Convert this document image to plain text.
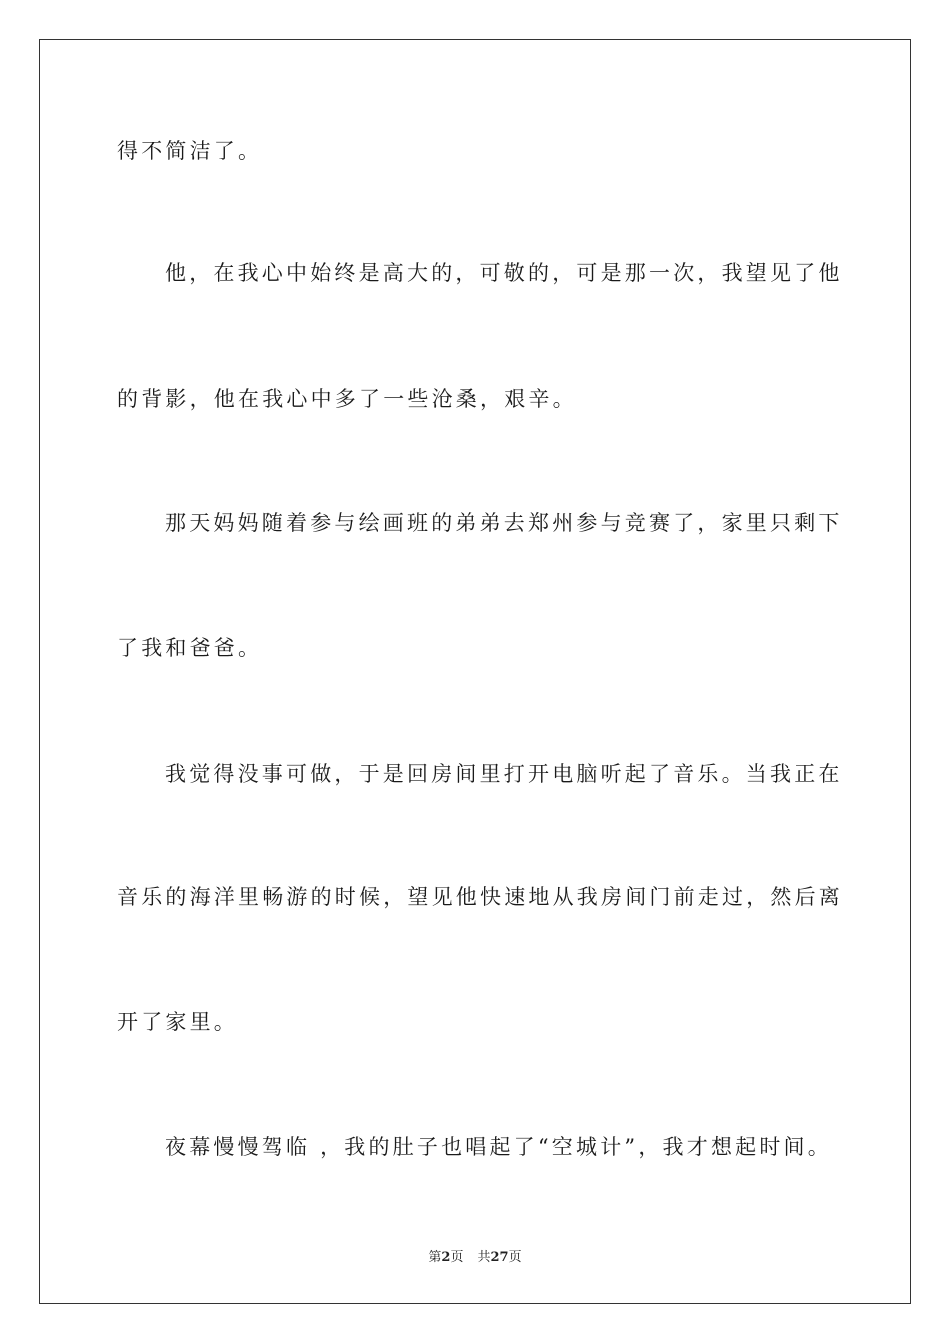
得不简洁了。
他，在我心中始终是高大的，可敬的，可是那一次，我望见了他
的背影，他在我心中多了一些沧桑，艰辛。
那天妈妈随着参与绘画班的弟弟去郑州参与竞赛了，家里只剩下
了我和爸爸。
我觉得没事可做，于是回房间里打开电脑听起了音乐。当我正在
音乐的海洋里畅游的时候，望见他快速地从我房间门前走过，然后离
开了家里。
夜幕慢慢驾临 ，我的肚子也唱起了“空城计”，我才想起时间。
第2页 共27页
